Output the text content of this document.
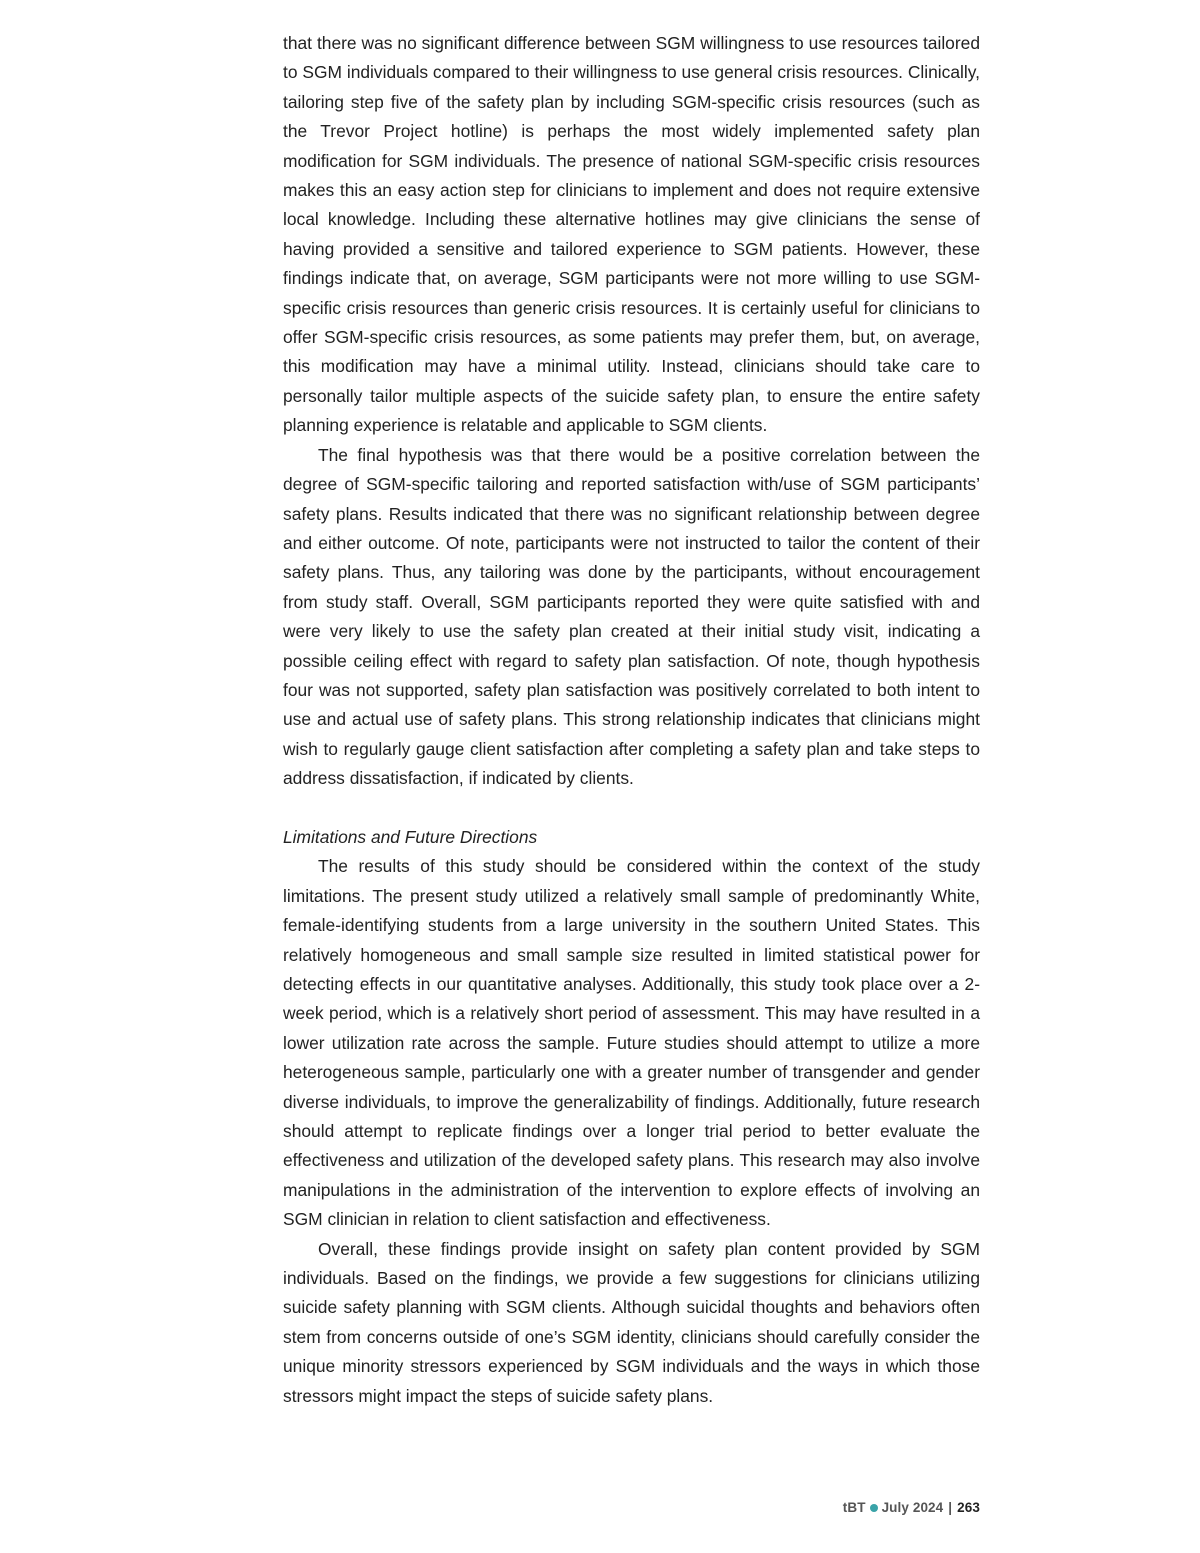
that there was no significant difference between SGM willingness to use resources tailored to SGM individuals compared to their willingness to use general crisis resources. Clinically, tailoring step five of the safety plan by including SGM-specific crisis resources (such as the Trevor Project hotline) is perhaps the most widely implemented safety plan modification for SGM individuals. The presence of national SGM-specific crisis resources makes this an easy action step for clinicians to implement and does not require extensive local knowledge. Including these alternative hotlines may give clinicians the sense of having provided a sensitive and tailored experience to SGM patients. However, these findings indicate that, on average, SGM participants were not more willing to use SGM-specific crisis resources than generic crisis resources. It is certainly useful for clinicians to offer SGM-specific crisis resources, as some patients may prefer them, but, on average, this modification may have a minimal utility. Instead, clinicians should take care to personally tailor multiple aspects of the suicide safety plan, to ensure the entire safety planning experience is relatable and applicable to SGM clients.

The final hypothesis was that there would be a positive correlation between the degree of SGM-specific tailoring and reported satisfaction with/use of SGM participants’ safety plans. Results indicated that there was no significant relationship between degree and either outcome. Of note, participants were not instructed to tailor the content of their safety plans. Thus, any tailoring was done by the participants, without encouragement from study staff. Overall, SGM participants reported they were quite satisfied with and were very likely to use the safety plan created at their initial study visit, indicating a possible ceiling effect with regard to safety plan satisfaction. Of note, though hypothesis four was not supported, safety plan satisfaction was positively correlated to both intent to use and actual use of safety plans. This strong relationship indicates that clinicians might wish to regularly gauge client satisfaction after completing a safety plan and take steps to address dissatisfaction, if indicated by clients.

Limitations and Future Directions

The results of this study should be considered within the context of the study limitations. The present study utilized a relatively small sample of predominantly White, female-identifying students from a large university in the southern United States. This relatively homogeneous and small sample size resulted in limited statistical power for detecting effects in our quantitative analyses. Additionally, this study took place over a 2-week period, which is a relatively short period of assessment. This may have resulted in a lower utilization rate across the sample. Future studies should attempt to utilize a more heterogeneous sample, particularly one with a greater number of transgender and gender diverse individuals, to improve the generalizability of findings. Additionally, future research should attempt to replicate findings over a longer trial period to better evaluate the effectiveness and utilization of the developed safety plans. This research may also involve manipulations in the administration of the intervention to explore effects of involving an SGM clinician in relation to client satisfaction and effectiveness.

Overall, these findings provide insight on safety plan content provided by SGM individuals. Based on the findings, we provide a few suggestions for clinicians utilizing suicide safety planning with SGM clients. Although suicidal thoughts and behaviors often stem from concerns outside of one’s SGM identity, clinicians should carefully consider the unique minority stressors experienced by SGM individuals and the ways in which those stressors might impact the steps of suicide safety plans.

tBT July 2024 | 263
